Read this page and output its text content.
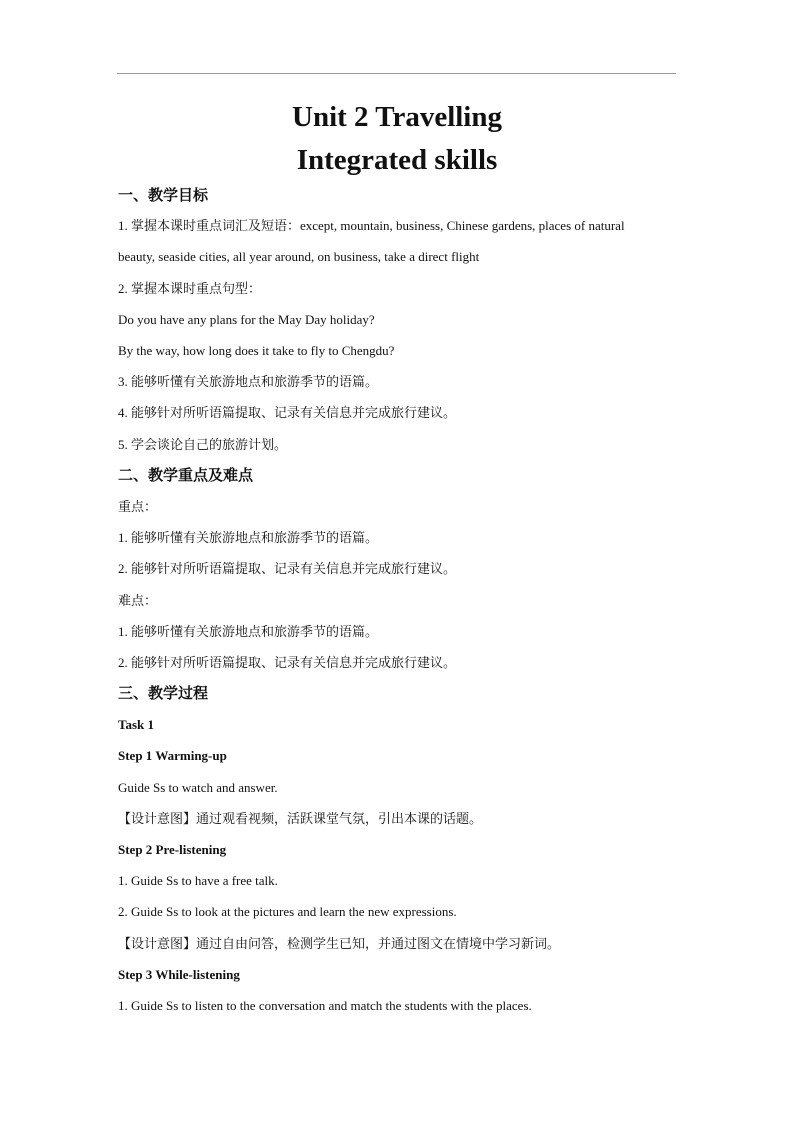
Unit 2 Travelling
Integrated skills
一、教学目标
1. 掌握本课时重点词汇及短语：except, mountain, business, Chinese gardens, places of natural
beauty, seaside cities, all year around, on business, take a direct flight
2. 掌握本课时重点句型：
Do you have any plans for the May Day holiday?
By the way, how long does it take to fly to Chengdu?
3. 能够听懂有关旅游地点和旅游季节的语篇。
4. 能够针对所听语篇提取、记录有关信息并完成旅行建议。
5. 学会谈论自己的旅游计划。
二、教学重点及难点
重点：
1. 能够听懂有关旅游地点和旅游季节的语篇。
2. 能够针对所听语篇提取、记录有关信息并完成旅行建议。
难点：
1. 能够听懂有关旅游地点和旅游季节的语篇。
2. 能够针对所听语篇提取、记录有关信息并完成旅行建议。
三、教学过程
Task 1
Step 1 Warming-up
Guide Ss to watch and answer.
【设计意图】通过观看视频，活跃课堂气氛，引出本课的话题。
Step 2 Pre-listening
1. Guide Ss to have a free talk.
2. Guide Ss to look at the pictures and learn the new expressions.
【设计意图】通过自由问答，检测学生已知，并通过图文在情境中学习新词。
Step 3 While-listening
1. Guide Ss to listen to the conversation and match the students with the places.
